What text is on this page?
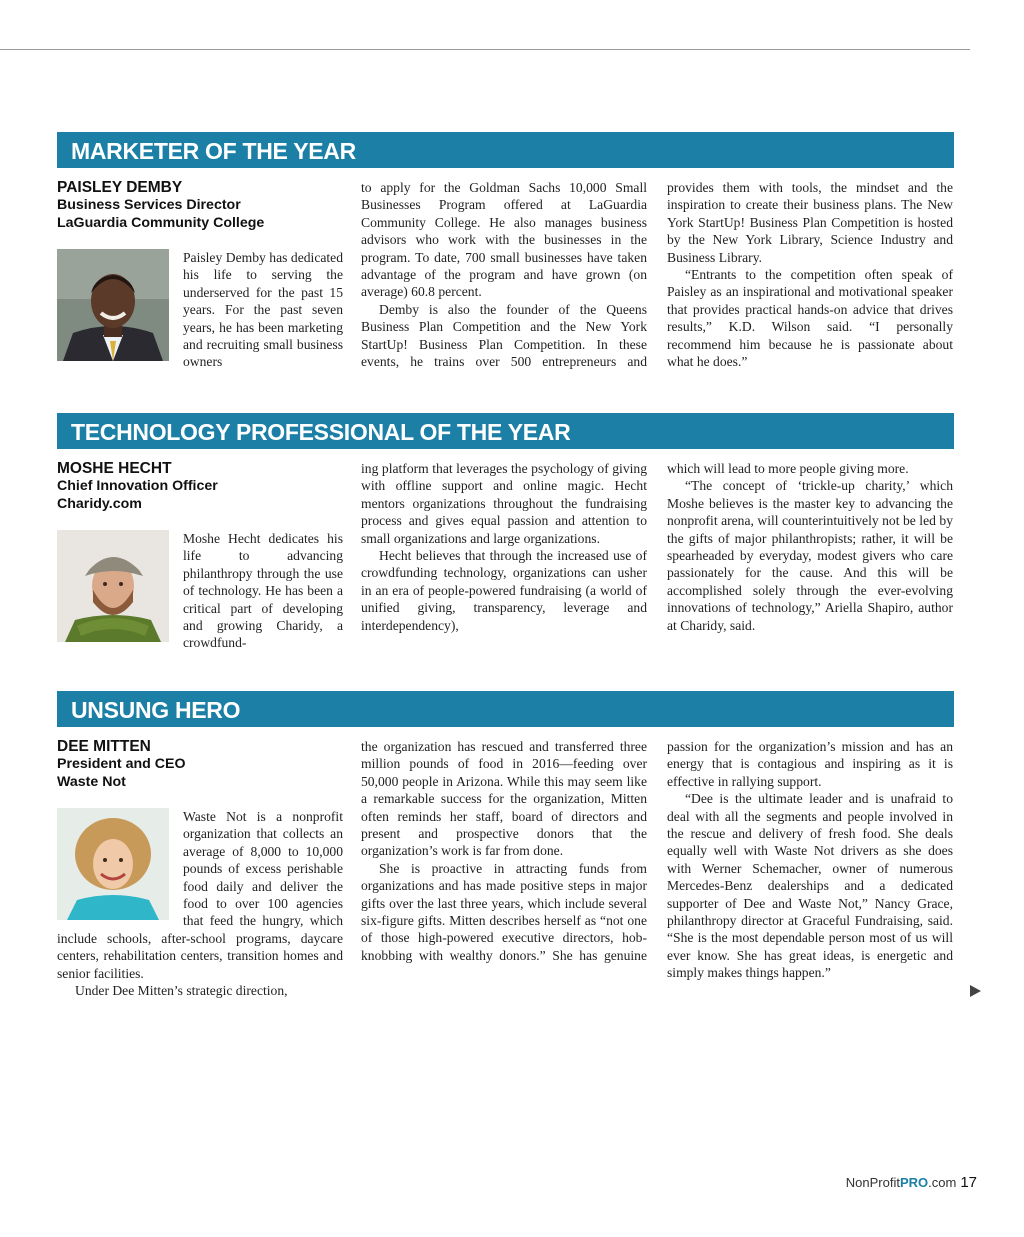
MARKETER OF THE YEAR
PAISLEY DEMBY
Business Services Director
LaGuardia Community College

Paisley Demby has dedicated his life to serving the underserved for the past 15 years. For the past seven years, he has been marketing and recruiting small business owners

to apply for the Goldman Sachs 10,000 Small Businesses Program offered at LaGuardia Community College. He also manages business advisors who work with the businesses in the program. To date, 700 small businesses have taken advantage of the program and have grown (on average) 60.8 percent.

Demby is also the founder of the Queens Business Plan Competition and the New York StartUp! Business Plan Competition. In these events, he trains over 500 entrepreneurs and

provides them with tools, the mindset and the inspiration to create their business plans. The New York StartUp! Business Plan Competition is hosted by the New York Library, Science Industry and Business Library.

“Entrants to the competition often speak of Paisley as an inspirational and motivational speaker that provides practical hands-on advice that drives results,” K.D. Wilson said. “I personally recommend him because he is passionate about what he does.”

TECHNOLOGY PROFESSIONAL OF THE YEAR
MOSHE HECHT
Chief Innovation Officer
Charidy.com

Moshe Hecht dedicates his life to advancing philanthropy through the use of technology. He has been a critical part of developing and growing Charidy, a crowdfund-

ing platform that leverages the psychology of giving with offline support and online magic. Hecht mentors organizations throughout the fundraising process and gives equal passion and attention to small organizations and large organizations.

Hecht believes that through the increased use of crowdfunding technology, organizations can usher in an era of people-powered fundraising (a world of unified giving, transparency, leverage and interdependency),

which will lead to more people giving more.

“The concept of ‘trickle-up charity,’ which Moshe believes is the master key to advancing the nonprofit arena, will counterintuitively not be led by the gifts of major philanthropists; rather, it will be spearheaded by everyday, modest givers who care passionately for the cause. And this will be accomplished solely through the ever-evolving innovations of technology,” Ariella Shapiro, author at Charidy, said.

UNSUNG HERO
DEE MITTEN
President and CEO
Waste Not

Waste Not is a nonprofit organization that collects an average of 8,000 to 10,000 pounds of excess perishable food daily and deliver the food to over 100 agencies that feed the hungry, which include schools, after-school programs, daycare centers, rehabilitation centers, transition homes and senior facilities.

Under Dee Mitten’s strategic direction,

the organization has rescued and transferred three million pounds of food in 2016—feeding over 50,000 people in Arizona. While this may seem like a remarkable success for the organization, Mitten often reminds her staff, board of directors and present and prospective donors that the organization’s work is far from done.

She is proactive in attracting funds from organizations and has made positive steps in major gifts over the last three years, which include several six-figure gifts. Mitten describes herself as “not one of those high-powered executive directors, hob-knobbing with wealthy donors.” She has genuine

passion for the organization’s mission and has an energy that is contagious and inspiring as it is effective in rallying support.

“Dee is the ultimate leader and is unafraid to deal with all the segments and people involved in the rescue and delivery of fresh food. She deals equally well with Waste Not drivers as she does with Werner Schemacher, owner of numerous Mercedes-Benz dealerships and a dedicated supporter of Dee and Waste Not,” Nancy Grace, philanthropy director at Graceful Fundraising, said. “She is the most dependable person most of us will ever know. She has great ideas, is energetic and simply makes things happen.”

NonProfitPRO.com 17
